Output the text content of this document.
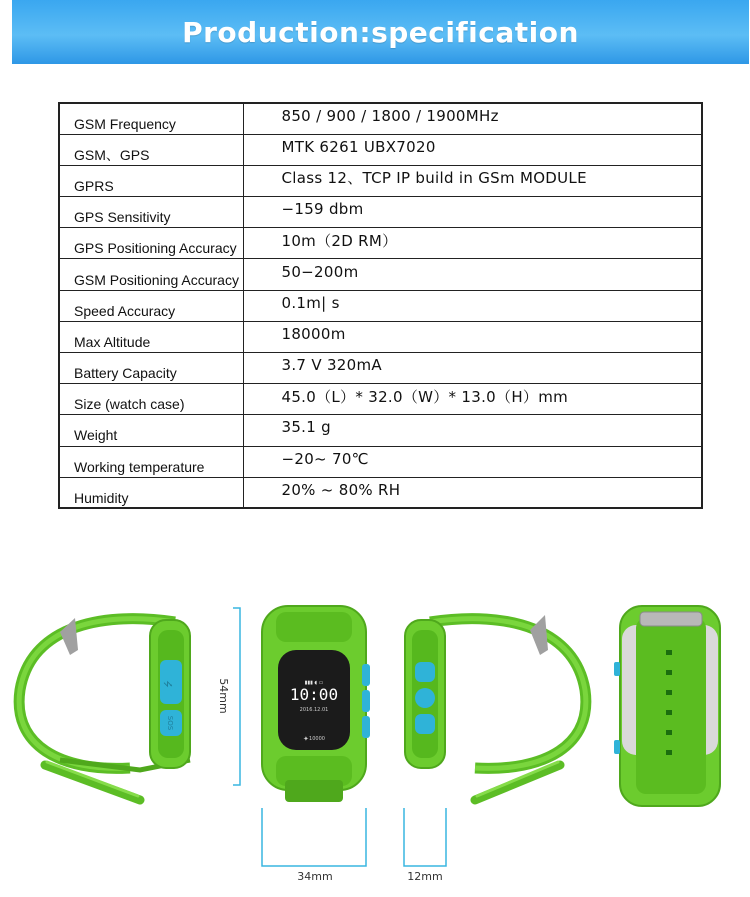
Production:specification
GSM Frequency	850 / 900 / 1800 / 1900MHz
GSM、GPS	MTK 6261 UBX7020
GPRS	Class 12、TCP IP build in GSm MODULE
GPS Sensitivity	−159 dbm
GPS Positioning Accuracy	10m（2D RM）
GSM Positioning Accuracy	50−200m
Speed Accuracy	0.1m| s
Max Altitude	18000m
Battery Capacity	3.7 V 320mA
Size (watch case)	45.0（L）* 32.0（W）* 13.0（H）mm
Weight	35.1 g
Working temperature	−20~ 70℃
Humidity	20% ~ 80% RH
⭍
SOS
54mm	▮▮▮ ◖ ▭
10:00
2016.12.01
10000
✦
34mm	12mm
